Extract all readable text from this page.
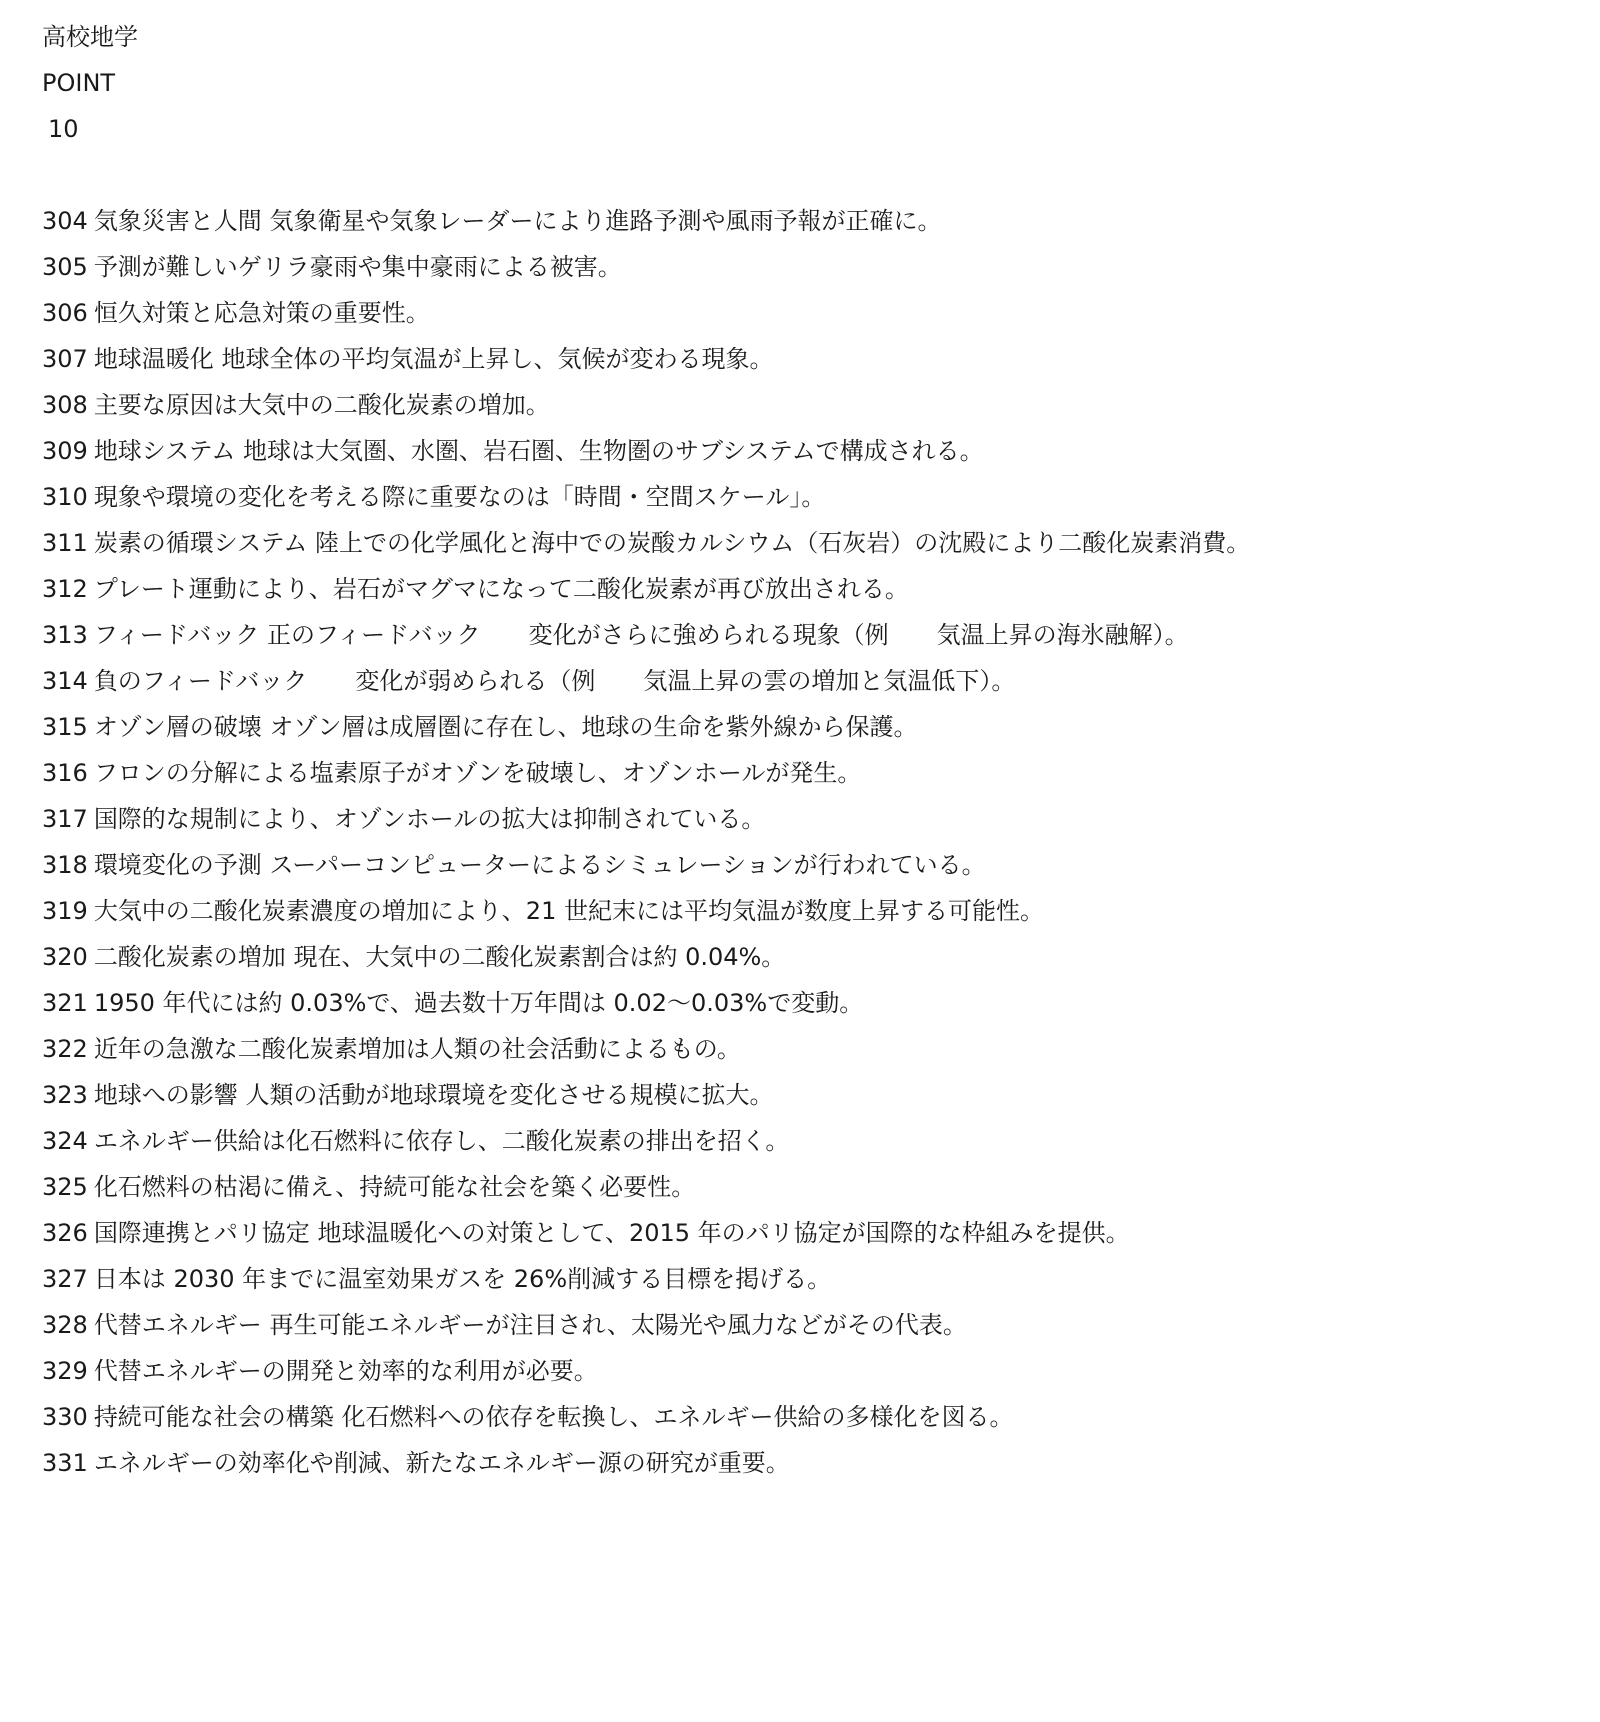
高校地学
POINT
10
304 気象災害と人間 気象衛星や気象レーダーにより進路予測や風雨予報が正確に。
305 予測が難しいゲリラ豪雨や集中豪雨による被害。
306 恒久対策と応急対策の重要性。
307 地球温暖化 地球全体の平均気温が上昇し、気候が変わる現象。
308 主要な原因は大気中の二酸化炭素の増加。
309 地球システム 地球は大気圏、水圏、岩石圏、生物圏のサブシステムで構成される。
310 現象や環境の変化を考える際に重要なのは「時間・空間スケール」。
311 炭素の循環システム 陸上での化学風化と海中での炭酸カルシウム（石灰岩）の沈殿により二酸化炭素消費。
312 プレート運動により、岩石がマグマになって二酸化炭素が再び放出される。
313 フィードバック 正のフィードバック　　変化がさらに強められる現象（例　　気温上昇の海氷融解）。
314 負のフィードバック　　変化が弱められる（例　　気温上昇の雲の増加と気温低下）。
315 オゾン層の破壊 オゾン層は成層圏に存在し、地球の生命を紫外線から保護。
316 フロンの分解による塩素原子がオゾンを破壊し、オゾンホールが発生。
317 国際的な規制により、オゾンホールの拡大は抑制されている。
318 環境変化の予測 スーパーコンピューターによるシミュレーションが行われている。
319 大気中の二酸化炭素濃度の増加により、21 世紀末には平均気温が数度上昇する可能性。
320 二酸化炭素の増加 現在、大気中の二酸化炭素割合は約 0.04%。
321 1950 年代には約 0.03%で、過去数十万年間は 0.02〜0.03%で変動。
322 近年の急激な二酸化炭素増加は人類の社会活動によるもの。
323 地球への影響 人類の活動が地球環境を変化させる規模に拡大。
324 エネルギー供給は化石燃料に依存し、二酸化炭素の排出を招く。
325 化石燃料の枯渇に備え、持続可能な社会を築く必要性。
326 国際連携とパリ協定 地球温暖化への対策として、2015 年のパリ協定が国際的な枠組みを提供。
327 日本は 2030 年までに温室効果ガスを 26%削減する目標を掲げる。
328 代替エネルギー 再生可能エネルギーが注目され、太陽光や風力などがその代表。
329 代替エネルギーの開発と効率的な利用が必要。
330 持続可能な社会の構築 化石燃料への依存を転換し、エネルギー供給の多様化を図る。
331 エネルギーの効率化や削減、新たなエネルギー源の研究が重要。
